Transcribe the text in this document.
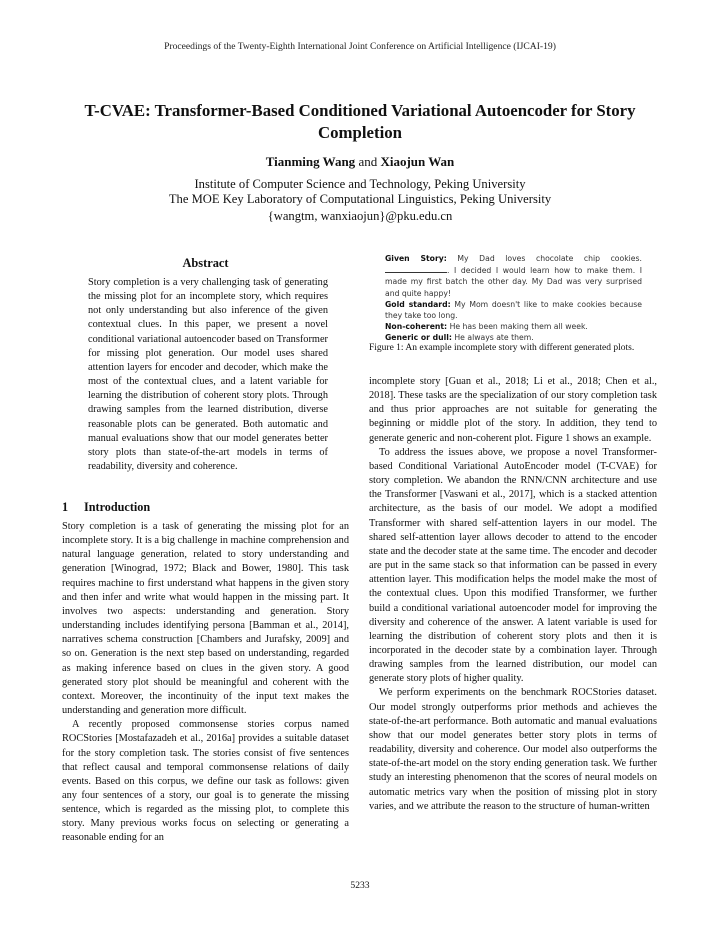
Proceedings of the Twenty-Eighth International Joint Conference on Artificial Intelligence (IJCAI-19)
T-CVAE: Transformer-Based Conditioned Variational Autoencoder for Story Completion
Tianming Wang and Xiaojun Wan
Institute of Computer Science and Technology, Peking University
The MOE Key Laboratory of Computational Linguistics, Peking University
{wangtm, wanxiaojun}@pku.edu.cn
Abstract
Story completion is a very challenging task of generating the missing plot for an incomplete story, which requires not only understanding but also inference of the given contextual clues. In this paper, we present a novel conditional variational autoencoder based on Transformer for missing plot generation. Our model uses shared attention layers for encoder and decoder, which make the most of the contextual clues, and a latent variable for learning the distribution of coherent story plots. Through drawing samples from the learned distribution, diverse reasonable plots can be generated. Both automatic and manual evaluations show that our model generates better story plots than state-of-the-art models in terms of readability, diversity and coherence.
1 Introduction

Story completion is a task of generating the missing plot for an incomplete story. It is a big challenge in machine comprehension and natural language generation, related to story understanding and generation [Winograd, 1972; Black and Bower, 1980]. This task requires machine to first understand what happens in the given story and then infer and write what would happen in the missing part. It involves two aspects: understanding and generation. Story understanding includes identifying persona [Bamman et al., 2014], narratives schema construction [Chambers and Jurafsky, 2009] and so on. Generation is the next step based on understanding, regarded as making inference based on clues in the given story. A good generated story plot should be meaningful and coherent with the context. Moreover, the incontinuity of the input text makes the understanding and generation more difficult.

A recently proposed commonsense stories corpus named ROCStories [Mostafazadeh et al., 2016a] provides a suitable dataset for the story completion task. The stories consist of five sentences that reflect causal and temporal commonsense relations of daily events. Based on this corpus, we define our task as follows: given any four sentences of a story, our goal is to generate the missing sentence, which is regarded as the missing plot, to complete this story. Many previous works focus on selecting or generating a reasonable ending for an

Given Story: My Dad loves chocolate chip cookies. . I decided I would learn how to make them. I made my first batch the other day. My Dad was very surprised and quite happy!
Gold standard: My Mom doesn't like to make cookies because they take too long.
Non-coherent: He has been making them all week.
Generic or dull: He always ate them.
Figure 1: An example incomplete story with different generated plots.

incomplete story [Guan et al., 2018; Li et al., 2018; Chen et al., 2018]. These tasks are the specialization of our story completion task and thus prior approaches are not suitable for generating the beginning or middle plot of the story. In addition, they tend to generate generic and non-coherent plot. Figure 1 shows an example.

To address the issues above, we propose a novel Transformer-based Conditional Variational AutoEncoder model (T-CVAE) for story completion. We abandon the RNN/CNN architecture and use the Transformer [Vaswani et al., 2017], which is a stacked attention architecture, as the basis of our model. We adopt a modified Transformer with shared self-attention layers in our model. The shared self-attention layer allows decoder to attend to the encoder state and the decoder state at the same time. The encoder and decoder are put in the same stack so that information can be passed in every attention layer. This modification helps the model make the most of the contextual clues. Upon this modified Transformer, we further build a conditional variational autoencoder model for improving the diversity and coherence of the answer. A latent variable is used for learning the distribution of coherent story plots and then it is incorporated in the decoder state by a combination layer. Through drawing samples from the learned distribution, our model can generate story plots of higher quality.

We perform experiments on the benchmark ROCStories dataset. Our model strongly outperforms prior methods and achieves the state-of-the-art performance. Both automatic and manual evaluations show that our model generates better story plots in terms of readability, diversity and coherence. Our model also outperforms the state-of-the-art model on the story ending generation task. We further study an interesting phenomenon that the scores of neural models on automatic metrics vary when the position of missing plot in story varies, and we attribute the reason to the structure of human-written

5233
